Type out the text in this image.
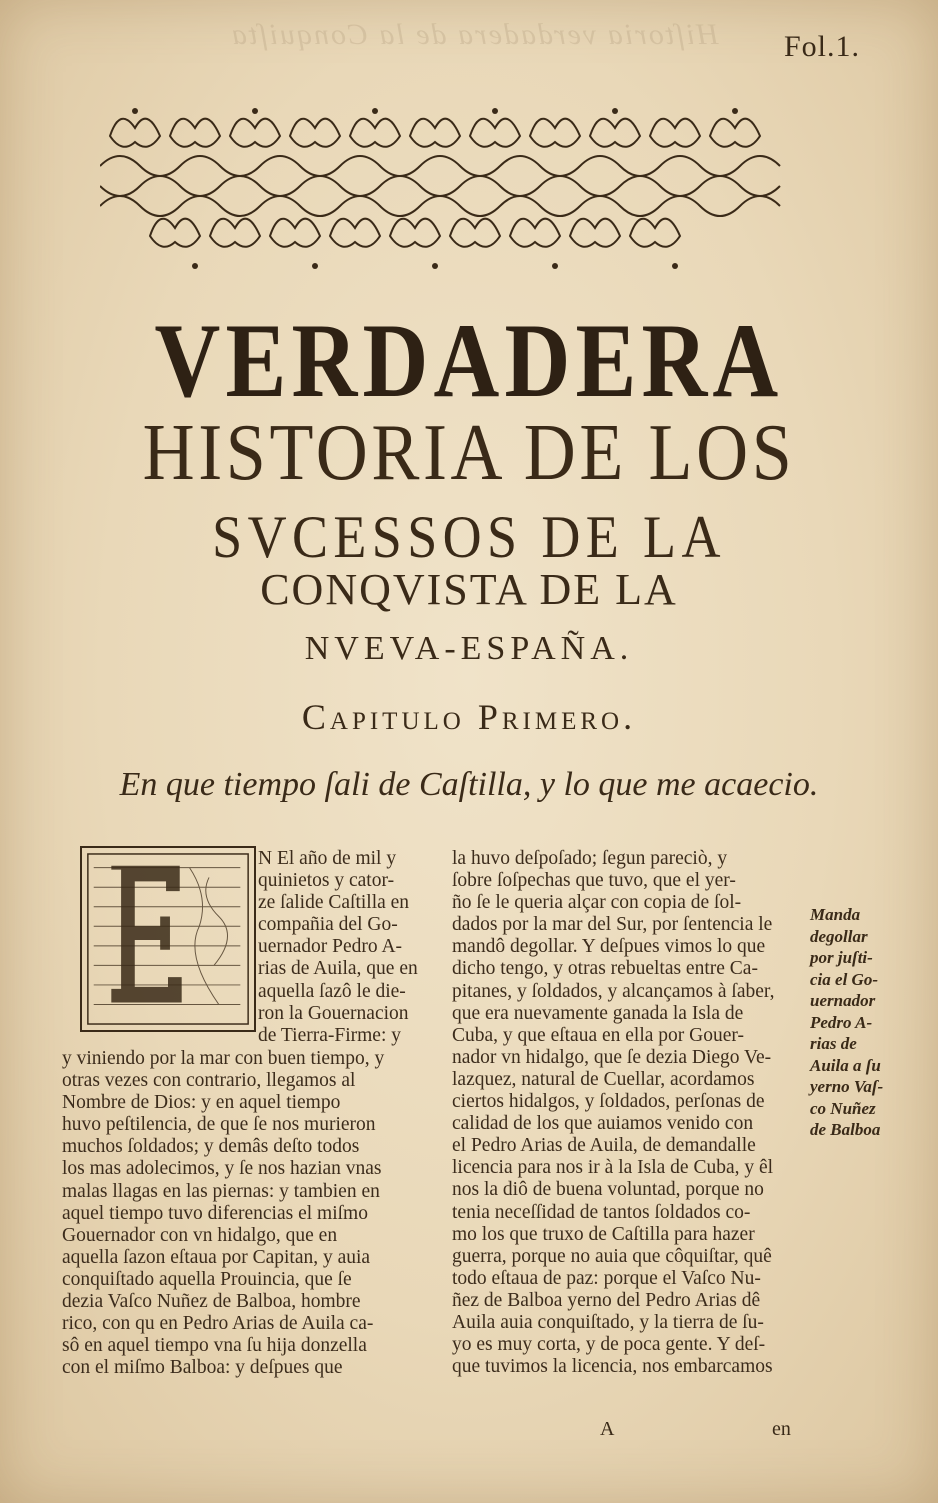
Hiſtoria verdadera de la Conquiſta Fol.1.
VERDADERA
HISTORIA DE LOS
SVCESSOS DE LA
CONQVISTA DE LA
NVEVA-ESPAÑA.
Capitulo Primero.
En que tiempo ſali de Caſtilla, y lo que me acaecio.
N El año de mil y
quinietos y cator-
ze ſalide Caſtilla en
compañia del Go-
uernador Pedro A-
rias de Auila, que en
aquella ſazô le die-
ron la Gouernacion
de Tierra-Firme: y
y viniendo por la mar con buen tiempo, y
otras vezes con contrario, llegamos al
Nombre de Dios: y en aquel tiempo
huvo peſtilencia, de que ſe nos murieron
muchos ſoldados; y demâs deſto todos
los mas adolecimos, y ſe nos hazian vnas
malas llagas en las piernas: y tambien en
aquel tiempo tuvo diferencias el miſmo
Gouernador con vn hidalgo, que en
aquella ſazon eſtaua por Capitan, y auia
conquiſtado aquella Prouincia, que ſe
dezia Vaſco Nuñez de Balboa, hombre
rico, con qu en Pedro Arias de Auila ca-
sô en aquel tiempo vna ſu hija donzella
con el miſmo Balboa: y deſpues que
la huvo deſpoſado; ſegun pareciò, y
ſobre ſoſpechas que tuvo, que el yer-
ño ſe le queria alçar con copia de ſol-
dados por la mar del Sur, por ſentencia le
mandô degollar. Y deſpues vimos lo que
dicho tengo, y otras rebueltas entre Ca-
pitanes, y ſoldados, y alcançamos à ſaber,
que era nuevamente ganada la Isla de
Cuba, y que eſtaua en ella por Gouer-
nador vn hidalgo, que ſe dezia Diego Ve-
lazquez, natural de Cuellar, acordamos
ciertos hidalgos, y ſoldados, perſonas de
calidad de los que auiamos venido con
el Pedro Arias de Auila, de demandalle
licencia para nos ir à la Isla de Cuba, y êl
nos la diô de buena voluntad, porque no
tenia neceſſidad de tantos ſoldados co-
mo los que truxo de Caſtilla para hazer
guerra, porque no auia que côquiſtar, quê
todo eſtaua de paz: porque el Vaſco Nu-
ñez de Balboa yerno del Pedro Arias dê
Auila auia conquiſtado, y la tierra de ſu-
yo es muy corta, y de poca gente. Y deſ-
que tuvimos la licencia, nos embarcamos
Manda
degollar
por juſti-
cia el Go-
uernador
Pedro A-
rias de
Auila a ſu
yerno Vaſ-
co Nuñez
de Balboa
A	en
